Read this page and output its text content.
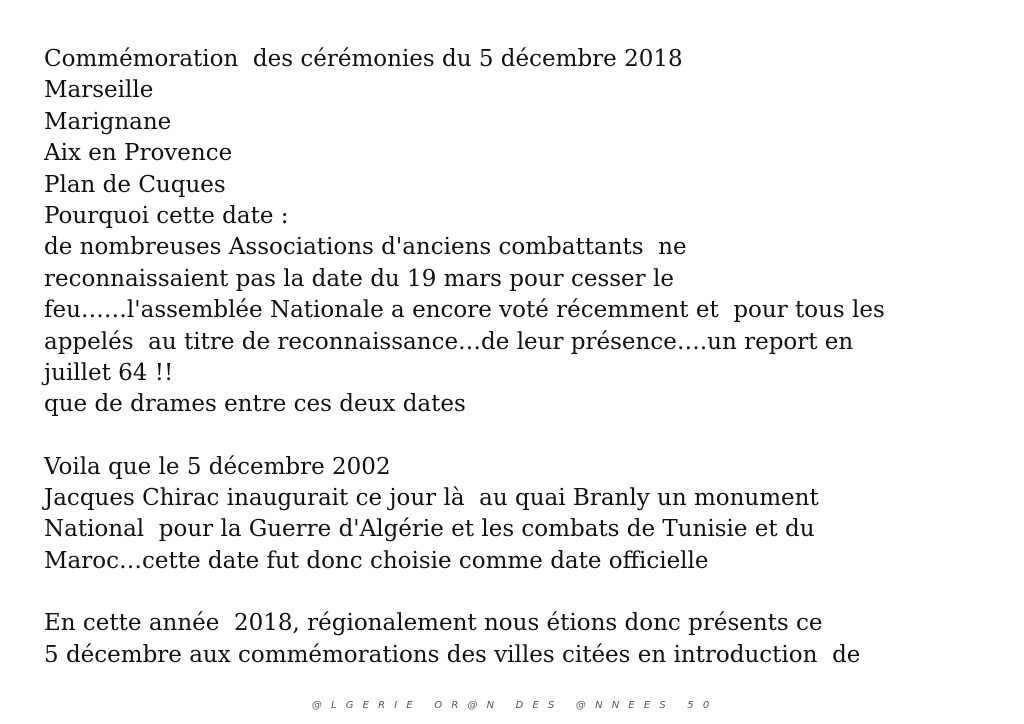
Commémoration  des cérémonies du 5 décembre 2018
Marseille
Marignane
Aix en Provence
Plan de Cuques
Pourquoi cette date :
de nombreuses Associations d'anciens combattants  ne
reconnaissaient pas la date du 19 mars pour cesser le
feu……l'assemblée Nationale a encore voté récemment et  pour tous les
appelés  au titre de reconnaissance…de leur présence….un report en
juillet 64 !!
que de drames entre ces deux dates
Voila que le 5 décembre 2002
Jacques Chirac inaugurait ce jour là  au quai Branly un monument
National  pour la Guerre d'Algérie et les combats de Tunisie et du
Maroc…cette date fut donc choisie comme date officielle
En cette année  2018, régionalement nous étions donc présents ce
5 décembre aux commémorations des villes citées en introduction  de
@ L G E R I E   O R @ N   D E S   @ N N E E S   5 0
